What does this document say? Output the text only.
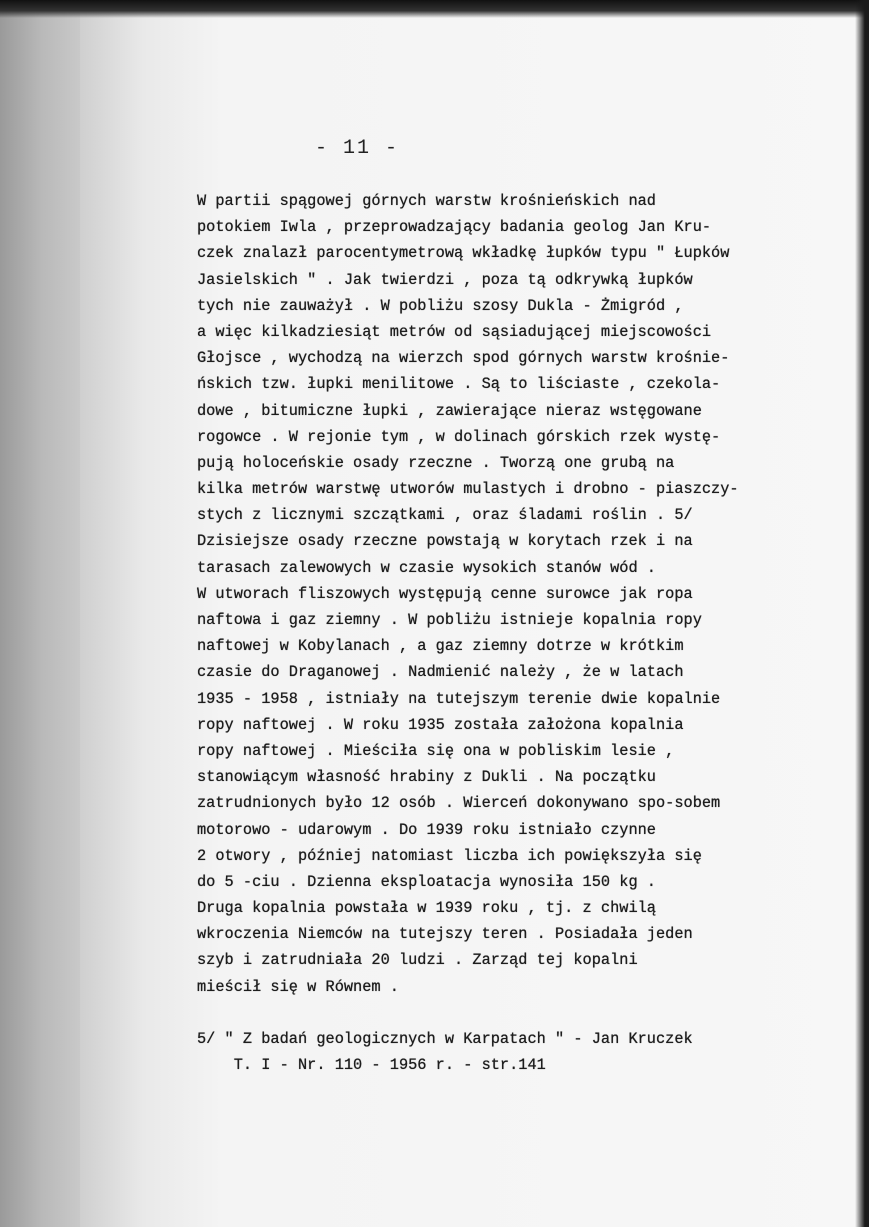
- 11 -
W partii spągowej górnych warstw krośnieńskich nad
potokiem Iwla , przeprowadzający badania geolog Jan Kru-
czek znalazł parocentymetrową wkładkę łupków typu " Łupków
Jasielskich " . Jak twierdzi , poza tą odkrywką łupków
tych nie zauważył . W pobliżu szosy Dukla - Żmigród ,
a więc kilkadziesiąt metrów od sąsiadującej miejscowości
Głojsce , wychodzą na wierzch spod górnych warstw krośnie-
ńskich tzw. łupki menilitowe . Są to liściaste , czekola-
dowe , bitumiczne łupki , zawierające nieraz wstęgowane
rogowce . W rejonie tym , w dolinach górskich rzek wystę-
pują holoceńskie osady rzeczne . Tworzą one grubą na
kilka metrów warstwę utworów mulastych i drobno - piaszczy-
stych z licznymi szczątkami , oraz śladami roślin . 5/
Dzisiejsze osady rzeczne powstają w korytach rzek i na
tarasach zalewowych w czasie wysokich stanów wód .
W utworach fliszowych występują cenne surowce jak ropa
naftowa i gaz ziemny . W pobliżu istnieje kopalnia ropy
naftowej w Kobylanach , a gaz ziemny dotrze w krótkim
czasie do Draganowej . Nadmienić należy , że w latach
1935 - 1958 , istniały na tutejszym terenie dwie kopalnie
ropy naftowej . W roku 1935 została założona kopalnia
ropy naftowej . Mieściła się ona w pobliskim lesie ,
stanowiącym własność hrabiny z Dukli . Na początku
zatrudnionych było 12 osób . Wierceń dokonywano spo-sobem
motorowo - udarowym . Do 1939 roku istniało czynne
2 otwory , później natomiast liczba ich powiększyła się
do 5 -ciu . Dzienna eksploatacja wynosiła 150 kg .
Druga kopalnia powstała w 1939 roku , tj. z chwilą
wkroczenia Niemców na tutejszy teren . Posiadała jeden
szyb i zatrudniała 20 ludzi . Zarząd tej kopalni
mieścił się w Równem .
5/ " Z badań geologicznych w Karpatach " - Jan Kruczek
T. I - Nr. 110 - 1956 r. - str.141
